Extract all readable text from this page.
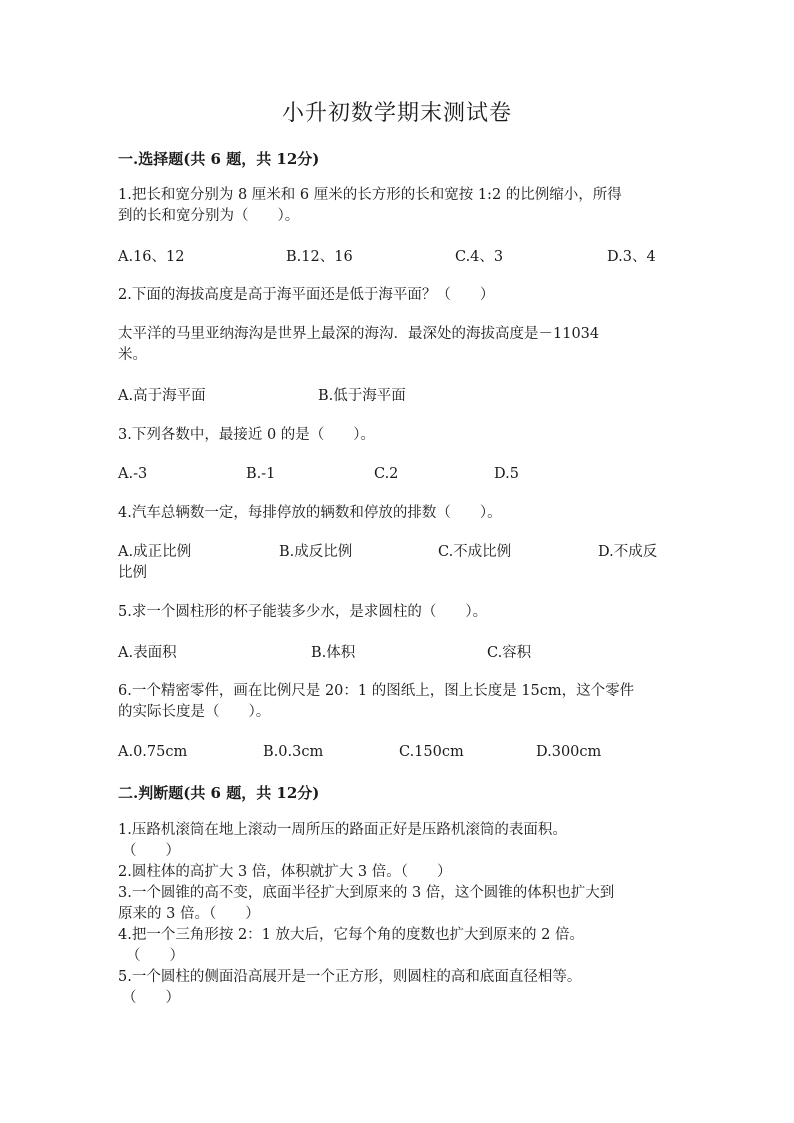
小升初数学期末测试卷
一.选择题(共 6 题，共 12分)
1.把长和宽分别为 8 厘米和 6 厘米的长方形的长和宽按 1:2 的比例缩小，所得
到的长和宽分别为（　　）。
A.16、12	B.12、16	C.4、3	D.3、4
2.下面的海拔高度是高于海平面还是低于海平面？（　　）
太平洋的马里亚纳海沟是世界上最深的海沟．最深处的海拔高度是－11034
米。
A.高于海平面	B.低于海平面
3.下列各数中，最接近 0 的是（　　）。
A.-3	B.-1	C.2	D.5
4.汽车总辆数一定，每排停放的辆数和停放的排数（　　）。
A.成正比例	B.成反比例	C.不成比例	D.不成反
比例
5.求一个圆柱形的杯子能装多少水，是求圆柱的（　　）。
A.表面积	B.体积	C.容积
6.一个精密零件，画在比例尺是 20：1 的图纸上，图上长度是 15cm，这个零件
的实际长度是（　　）。
A.0.75cm	B.0.3cm	C.150cm	D.300cm
二.判断题(共 6 题，共 12分)
1.压路机滚筒在地上滚动一周所压的路面正好是压路机滚筒的表面积。
（　　）
2.圆柱体的高扩大 3 倍，体积就扩大 3 倍。（　　）
3.一个圆锥的高不变，底面半径扩大到原来的 3 倍，这个圆锥的体积也扩大到
原来的 3 倍。（　　）
4.把一个三角形按 2：1 放大后，它每个角的度数也扩大到原来的 2 倍。
（　　）
5.一个圆柱的侧面沿高展开是一个正方形，则圆柱的高和底面直径相等。
（　　）
